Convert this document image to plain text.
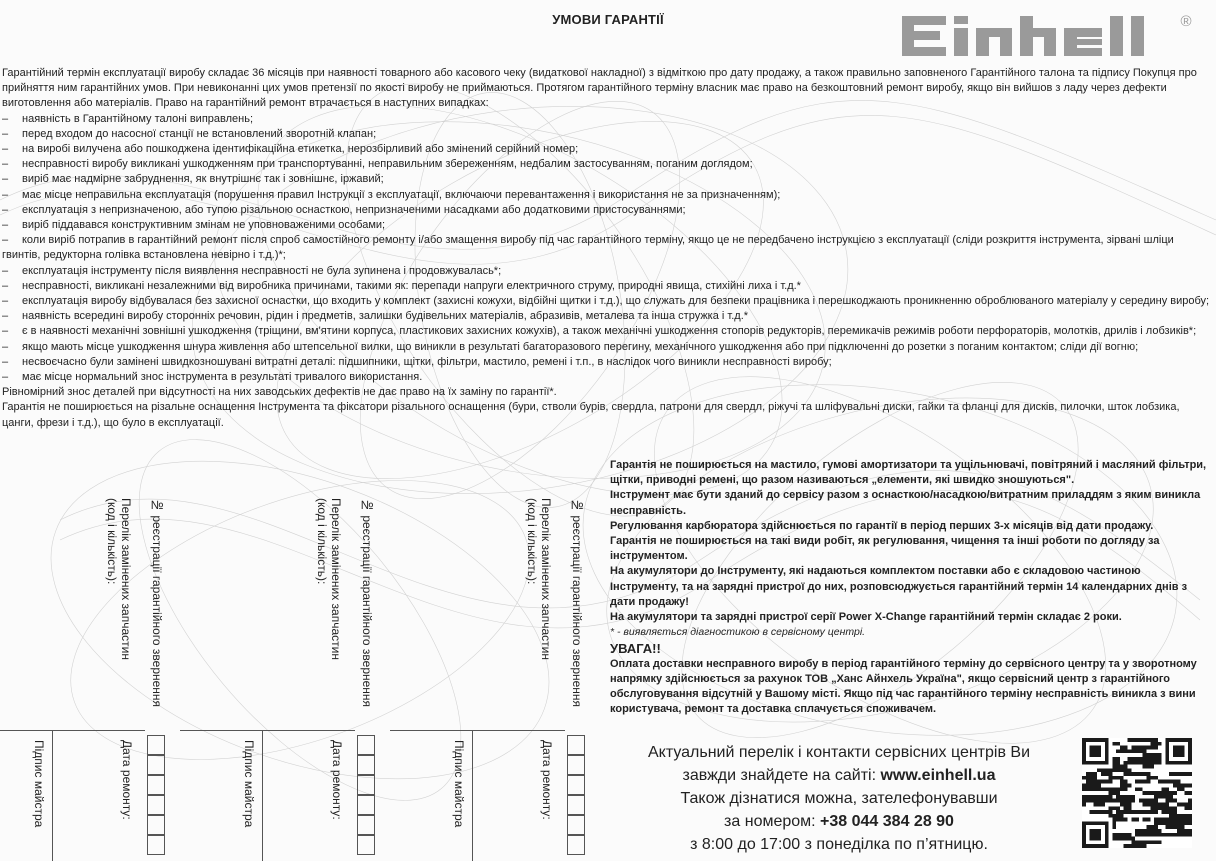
УМОВИ ГАРАНТІЇ	®

Гарантійний термін експлуатації виробу складає 36 місяців при наявності товарного або касового чеку (видаткової накладної) з відміткою про дату продажу, а також правильно заповненого Гарантійного талона та підпису Покупця про прийняття ним гарантійних умов. При невиконанні цих умов претензії по якості виробу не приймаються. Протягом гарантійного терміну власник має право на безкоштовний ремонт виробу, якщо він вийшов з ладу через дефекти виготовлення або матеріалів. Право на гарантійний ремонт втрачається в наступних випадках:

– наявність в Гарантійному талоні виправлень;

– перед входом до насосної станції не встановлений зворотній клапан;

– на виробі вилучена або пошкоджена ідентифікаційна етикетка, нерозбірливий або змінений серійний номер;

– несправності виробу викликані ушкодженням при транспортуванні, неправильним збереженням, недбалим застосуванням, поганим доглядом;

– виріб має надмірне забруднення, як внутрішнє так і зовнішнє, іржавий;

– має місце неправильна експлуатація (порушення правил Інструкції з експлуатації, включаючи перевантаження і використання не за призначенням);

– експлуатація з непризначеною, або тупою різальною оснасткою, непризначеними насадками або додатковими пристосуваннями;

– виріб піддавався конструктивним змінам не уповноваженими особами;

– коли виріб потрапив в гарантійний ремонт після спроб самостійного ремонту і/або змащення виробу під час гарантійного терміну, якщо це не передбачено інструкцією з експлуатації (сліди розкриття інструмента, зірвані шліци гвинтів, редукторна голівка встановлена невірно і т.д.)*;

– експлуатація інструменту після виявлення несправності не була зупинена і продовжувалась*;

– несправності, викликані незалежними від виробника причинами, такими як: перепади напруги електричного струму, природні явища, стихійні лиха і т.д.*

– експлуатація виробу відбувалася без захисної оснастки, що входить у комплект (захисні кожухи, відбійні щитки і т.д.), що служать для безпеки працівника і перешкоджають проникненню оброблюваного матеріалу у середину виробу;

– наявність всередині виробу сторонніх речовин, рідин і предметів, залишки будівельних матеріалів, абразивів, металева та інша стружка і т.д.*

– є в наявності механічні зовнішні ушкодження (тріщини, вм'ятини корпуса, пластикових захисних кожухів), а також механічні ушкодження стопорів редукторів, перемикачів режимів роботи перфораторів, молотків, дрилів і лобзиків*;

– якщо мають місце ушкодження шнура живлення або штепсельної вилки, що виникли в результаті багаторазового перегину, механічного ушкодження або при підключенні до розетки з поганим контактом; сліди дії вогню;

– несвоєчасно були замінені швидкозношувані витратні деталі: підшипники, щітки, фільтри, мастило, ремені і т.п., в наслідок чого виникли несправності виробу;

– має місце нормальний знос інструмента в результаті тривалого використання.

Рівномірний знос деталей при відсутності на них заводських дефектів не дає право на їх заміну по гарантії*.

Гарантія не поширюється на різальне оснащення Інструмента та фіксатори різального оснащення (бури, стволи бурів, свердла, патрони для свердл, ріжучі та шліфувальні диски, гайки та фланці для дисків, пилочки, шток лобзика, цанги, фрези і т.д.), що було в експлуатації.

Перелік замінених запчастин
(код і кількість):	№ реєстрації гарантійного звернення
Підпис майстра	Дата ремонту:
Перелік замінених запчастин
(код і кількість):	№ реєстрації гарантійного звернення
Підпис майстра	Дата ремонту:
Перелік замінених запчастин
(код і кількість):	№ реєстрації гарантійного звернення
Підпис майстра	Дата ремонту:

Гарантія не поширюється на мастило, гумові амортизатори та ущільнювачі, повітряний і масляний фільтри, щітки, приводні ремені, що разом називаються „елементи, які швидко зношуються".

Інструмент має бути зданий до сервісу разом з оснасткою/насадкою/витратним приладдям з яким виникла несправність.

Регулювання карбюратора здійснюється по гарантії в період перших 3-х місяців від дати продажу.

Гарантія не поширюється на такі види робіт, як регулювання, чищення та інші роботи по догляду за інструментом.

На акумулятори до Інструменту, які надаються комплектом поставки або є складовою частиною Інструменту, та на зарядні пристрої до них, розповсюджується гарантійний термін 14 календарних днів з дати продажу!

На акумулятори та зарядні пристрої серії Power X-Change гарантійний термін складає 2 роки.

* - виявляється діагностикою в сервісному центрі.

УВАГА!!

Оплата доставки несправного виробу в період гарантійного терміну до сервісного центру та у зворотному напрямку здійснюється за рахунок ТОВ „Ханс Айнхель Україна", якщо сервісний центр з гарантійного обслуговування відсутній у Вашому місті. Якщо під час гарантійного терміну несправність виникла з вини користувача, ремонт та доставка сплачується споживачем.

Актуальний перелік і контакти сервісних центрів Ви

завжди знайдете на сайті: www.einhell.ua

Також дізнатися можна, зателефонувавши

за номером: +38 044 384 28 90

з 8:00 до 17:00 з понеділка по п’ятницю.
